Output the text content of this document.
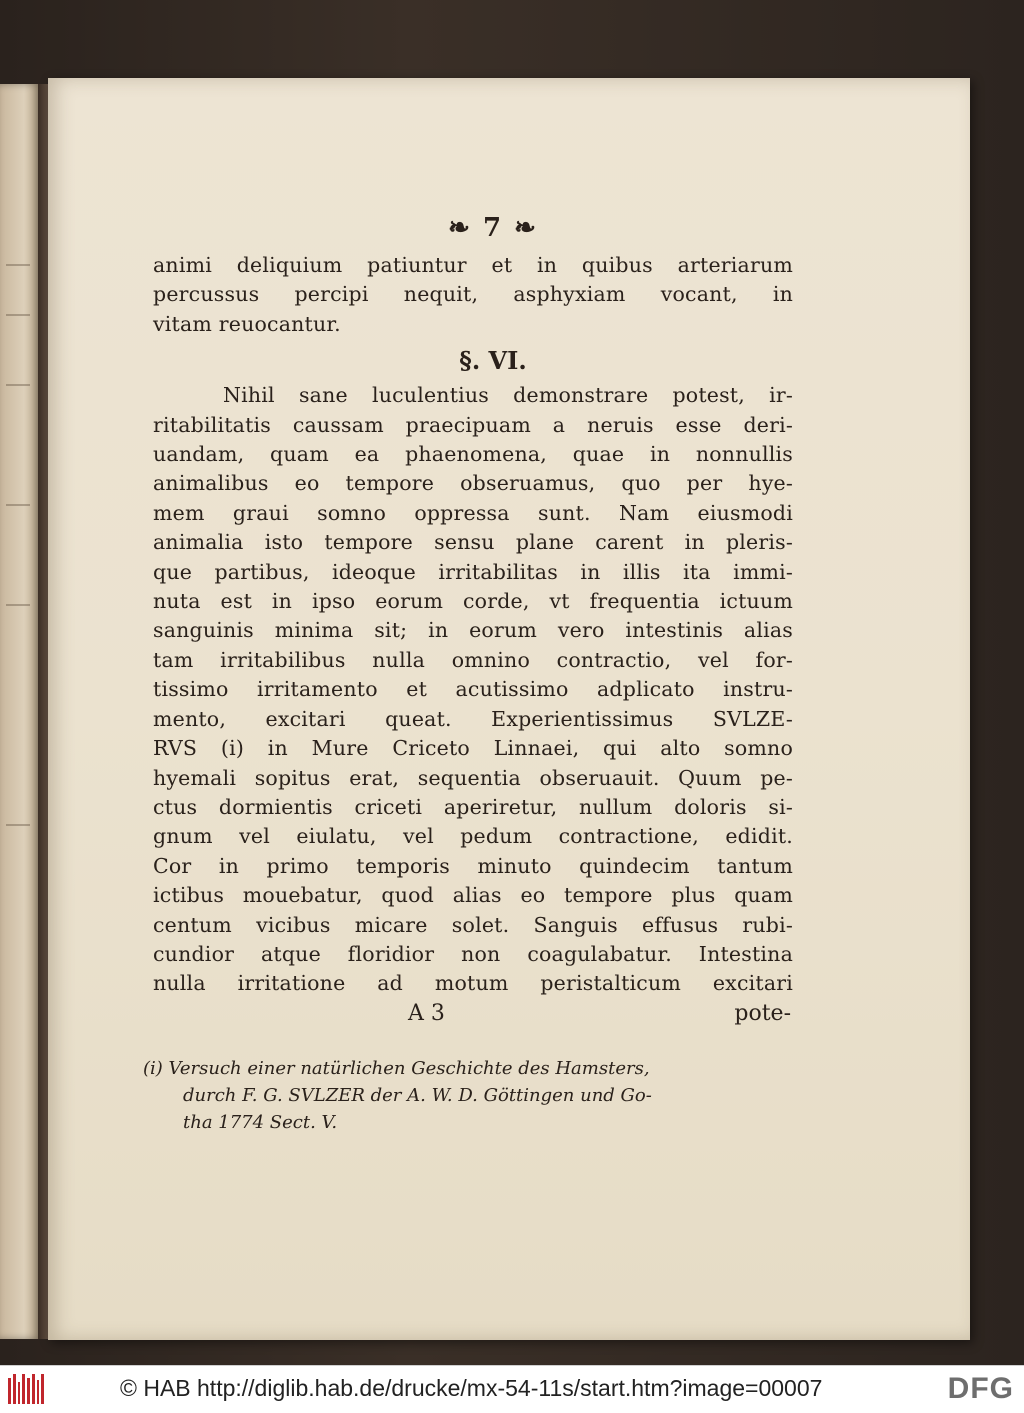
❧ 7 ❧
animi deliquium patiuntur et in quibus arteriarum
percussus percipi nequit, asphyxiam vocant, in
vitam reuocantur.
§. VI.
Nihil sane luculentius demonstrare potest, ir-
ritabilitatis caussam praecipuam a neruis esse deri-
uandam, quam ea phaenomena, quae in nonnullis
animalibus eo tempore obseruamus, quo per hye-
mem graui somno oppressa sunt. Nam eiusmodi
animalia isto tempore sensu plane carent in pleris-
que partibus, ideoque irritabilitas in illis ita immi-
nuta est in ipso eorum corde, vt frequentia ictuum
sanguinis minima sit; in eorum vero intestinis alias
tam irritabilibus nulla omnino contractio, vel for-
tissimo irritamento et acutissimo adplicato instru-
mento, excitari queat. Experientissimus SVLZE-
RVS (i) in Mure Criceto Linnaei, qui alto somno
hyemali sopitus erat, sequentia obseruauit. Quum pe-
ctus dormientis criceti aperiretur, nullum doloris si-
gnum vel eiulatu, vel pedum contractione, edidit.
Cor in primo temporis minuto quindecim tantum
ictibus mouebatur, quod alias eo tempore plus quam
centum vicibus micare solet. Sanguis effusus rubi-
cundior atque floridior non coagulabatur. Intestina
nulla irritatione ad motum peristalticum excitari
A 3	pote-
(i) Versuch einer natürlichen Geschichte des Hamsters,
durch F. G. SVLZER der A. W. D. Göttingen und Go-
tha 1774 Sect. V.
© HAB http://diglib.hab.de/drucke/mx-54-11s/start.htm?image=00007	DFG
